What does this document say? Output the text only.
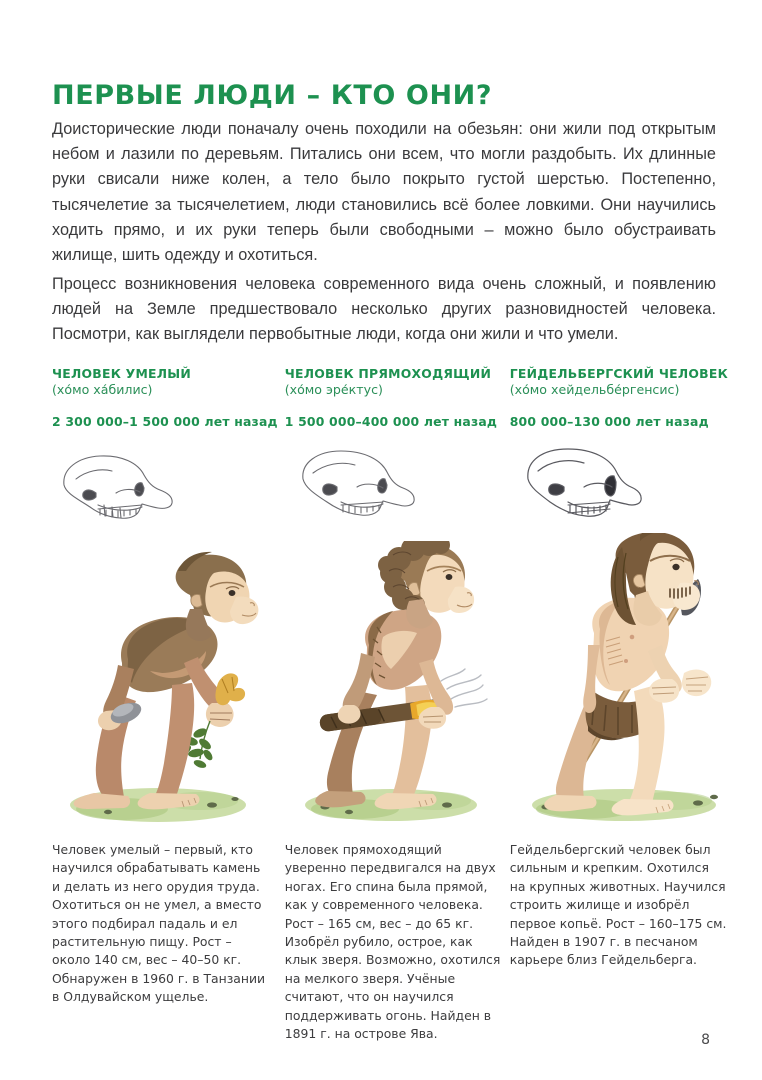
ПЕРВЫЕ ЛЮДИ – КТО ОНИ?

Доисторические люди поначалу очень походили на обезьян: они жили под открытым небом и лазили по деревьям. Питались они всем, что могли раздобыть. Их длинные руки свисали ниже колен, а тело было покрыто густой шерстью. Постепенно, тысячелетие за тысячелетием, люди становились всё более ловкими. Они научились ходить прямо, и их руки теперь были свободными – можно было обустраивать жилище, шить одежду и охотиться.

Процесс возникновения человека современного вида очень сложный, и появлению людей на Земле предшествовало несколько других разновидностей человека. Посмотри, как выглядели первобытные люди, когда они жили и что умели.

ЧЕЛОВЕК УМЕЛЫЙ
(хо́мо ха́билис)
2 300 000–1 500 000 лет назад
Человек умелый – первый, кто научился обрабатывать камень и делать из него орудия труда. Охотиться он не умел, а вместо этого подбирал падаль и ел растительную пищу. Рост – около 140 см, вес – 40–50 кг. Обнаружен в 1960 г. в Танзании в Олдувайском ущелье.
ЧЕЛОВЕК ПРЯМОХОДЯЩИЙ
(хо́мо эре́ктус)
1 500 000–400 000 лет назад
Человек прямоходящий уверенно передвигался на двух ногах. Его спина была прямой, как у современного человека. Рост – 165 см, вес – до 65 кг. Изобрёл рубило, острое, как клык зверя. Возможно, охотился на мелкого зверя. Учёные считают, что он научился поддерживать огонь. Найден в 1891 г. на острове Ява.
ГЕЙДЕЛЬБЕРГСКИЙ ЧЕЛОВЕК
(хо́мо хейдельбе́ргенсис)
800 000–130 000 лет назад
Гейдельбергский человек был сильным и крепким. Охотился на крупных животных. Научился строить жилище и изобрёл первое копьё. Рост – 160–175 см. Найден в 1907 г. в песчаном карьере близ Гейдельберга.
8
